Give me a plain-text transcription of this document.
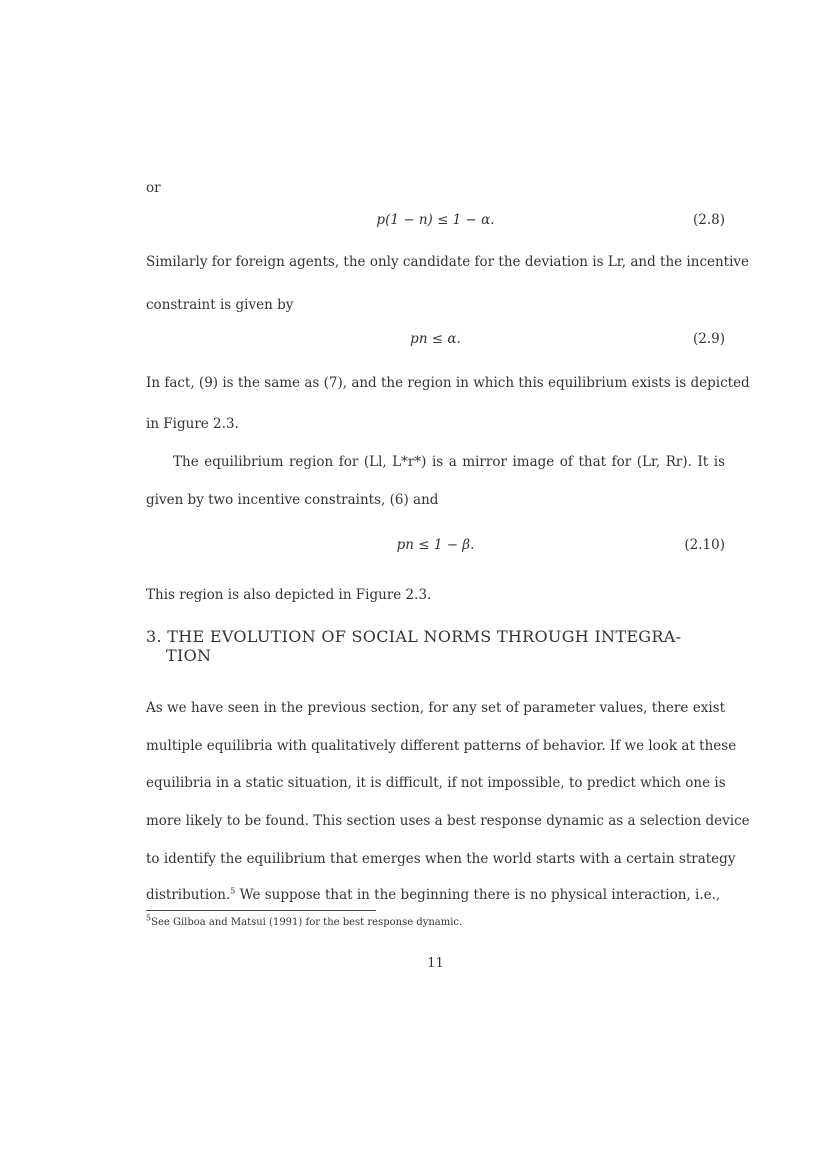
or
p(1 − n) ≤ 1 − α.	(2.8)
Similarly for foreign agents, the only candidate for the deviation is Lr, and the incentive
constraint is given by
pn ≤ α.	(2.9)
In fact, (9) is the same as (7), and the region in which this equilibrium exists is depicted
in Figure 2.3.
The equilibrium region for (Ll, L*r*) is a mirror image of that for (Lr, Rr). It is
given by two incentive constraints, (6) and
pn ≤ 1 − β.	(2.10)
This region is also depicted in Figure 2.3.
3. THE EVOLUTION OF SOCIAL NORMS THROUGH INTEGRA-
TION
As we have seen in the previous section, for any set of parameter values, there exist
multiple equilibria with qualitatively different patterns of behavior. If we look at these
equilibria in a static situation, it is difficult, if not impossible, to predict which one is
more likely to be found. This section uses a best response dynamic as a selection device
to identify the equilibrium that emerges when the world starts with a certain strategy
distribution.$^5$ We suppose that in the beginning there is no physical interaction, i.e.,
$^5$See Gilboa and Matsui (1991) for the best response dynamic.
11
